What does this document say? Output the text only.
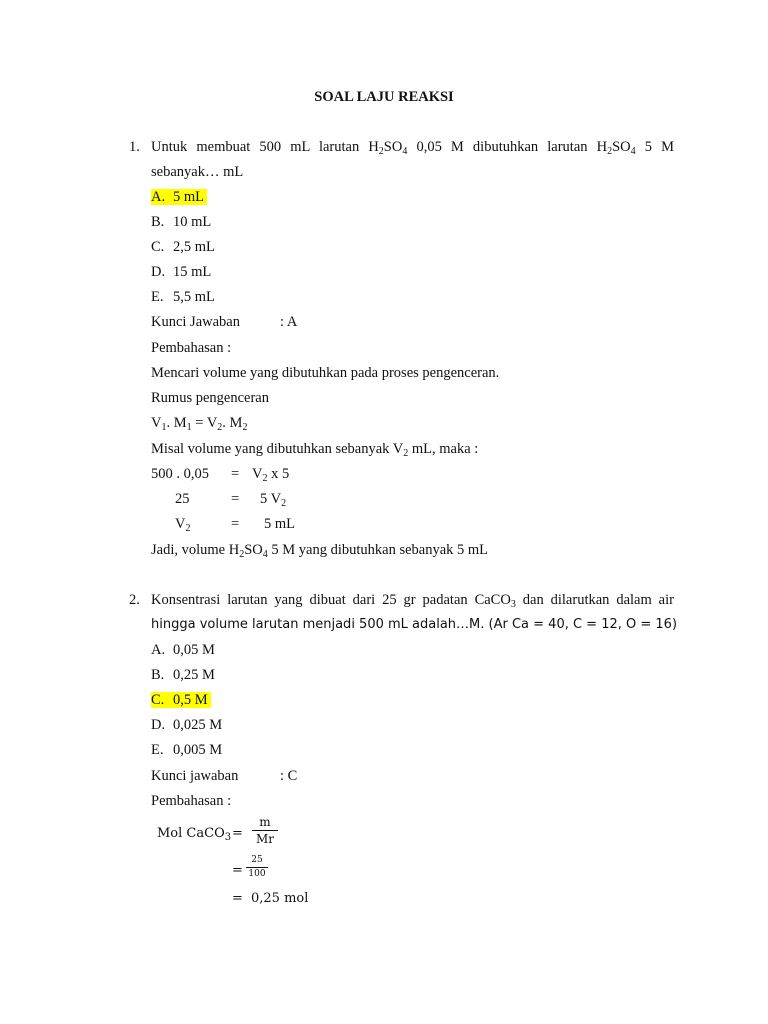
SOAL LAJU REAKSI
1. Untuk membuat 500 mL larutan $H_2SO_4$ 0,05 M dibutuhkan larutan $H_2SO_4$ 5 M
sebanyak… mL
A. 5 mL
B. 10 mL
C. 2,5 mL
D. 15 mL
E. 5,5 mL
Kunci Jawaban	: A
Pembahasan :
Mencari volume yang dibutuhkan pada proses pengenceran.
Rumus pengenceran
$V_1$. $M_1 = V_2$. $M_2$
Misal volume yang dibutuhkan sebanyak $V_2$ mL, maka :
500 . $0,05 = V_2$ x 5
25	= 5 $V_2$
$V_2$	= 5 mL
Jadi, volume $H_2SO_4$ 5 M yang dibutuhkan sebanyak 5 mL
2. Konsentrasi larutan yang dibuat dari 25 gr padatan CaCO$_3$ dan dilarutkan dalam air
hingga volume larutan menjadi 500 mL adalah…M. (Ar Ca = 40, C = 12, O = 16)
A. 0,05 M
B. 0,25 M
C. 0,5 M
D. 0,025 M
E. 0,005 M
Kunci jawaban	: C
Pembahasan :
Mol CaCO$_3$ =
m
Mr
=
25
100
= 0,25 mol
